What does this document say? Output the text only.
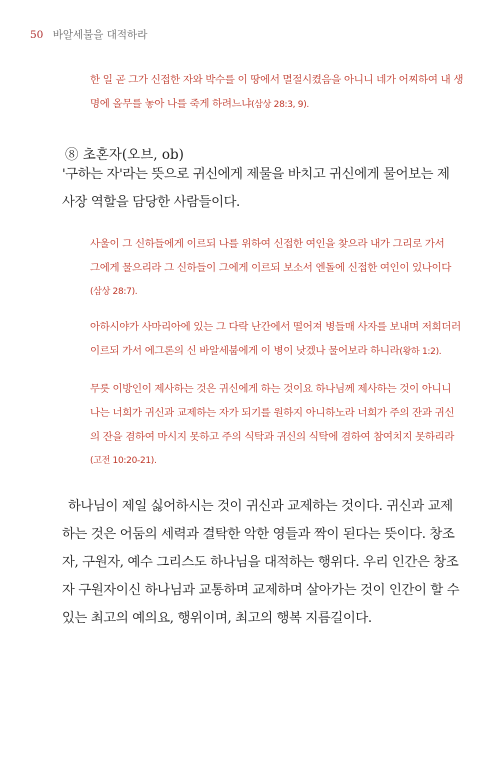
50 바알세불을 대적하라
한 일 곧 그가 신접한 자와 박수를 이 땅에서 멸절시켰음을 아니니 네가 어찌하여 내 생
명에 올무를 놓아 나를 죽게 하려느냐(삼상 28:3, 9).
⑧ 초혼자(오브, ob)
'구하는 자'라는 뜻으로 귀신에게 제물을 바치고 귀신에게 물어보는 제
사장 역할을 담당한 사람들이다.
사울이 그 신하들에게 이르되 나를 위하여 신접한 여인을 찾으라 내가 그리로 가서
그에게 물으리라 그 신하들이 그에게 이르되 보소서 엔돌에 신접한 여인이 있나이다
(삼상 28:7).
아하시야가 사마리아에 있는 그 다락 난간에서 떨어져 병들매 사자를 보내며 저희더러
이르되 가서 에그론의 신 바알세붑에게 이 병이 낫겠나 물어보라 하니라(왕하 1:2).
무릇 이방인이 제사하는 것은 귀신에게 하는 것이요 하나님께 제사하는 것이 아니니
나는 너희가 귀신과 교제하는 자가 되기를 원하지 아니하노라 너희가 주의 잔과 귀신
의 잔을 겸하여 마시지 못하고 주의 식탁과 귀신의 식탁에 겸하여 참여치지 못하리라
(고전 10:20-21).
하나님이 제일 싫어하시는 것이 귀신과 교제하는 것이다. 귀신과 교제
하는 것은 어둠의 세력과 결탁한 악한 영들과 짝이 된다는 뜻이다. 창조
자, 구원자, 예수 그리스도 하나님을 대적하는 행위다. 우리 인간은 창조
자 구원자이신 하나님과 교통하며 교제하며 살아가는 것이 인간이 할 수
있는 최고의 예의요, 행위이며, 최고의 행복 지름길이다.
